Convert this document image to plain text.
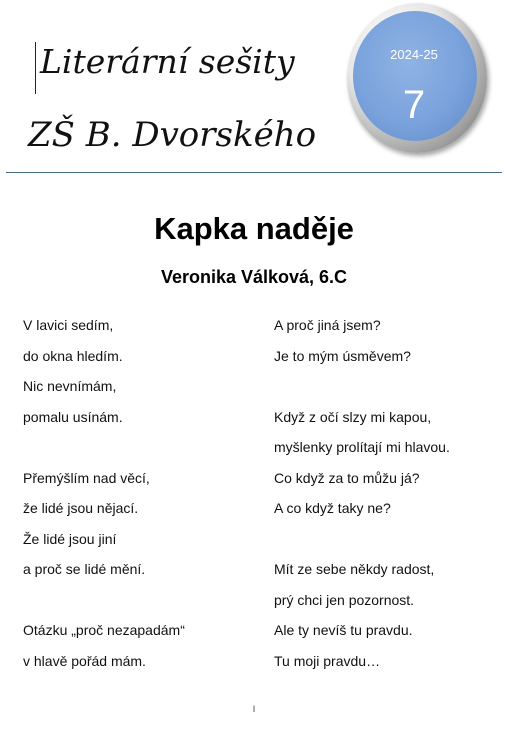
Literární sešity
ZŠ B. Dvorského
2024-25
7
Kapka naděje
Veronika Válková, 6.C
V lavici sedím,
do okna hledím.
Nic nevnímám,
pomalu usínám.
Přemýšlím nad věcí,
že lidé jsou nějací.
Že lidé jsou jiní
a proč se lidé mění.
Otázku „proč nezapadám“
v hlavě pořád mám.
A proč jiná jsem?
Je to mým úsměvem?
Když z očí slzy mi kapou,
myšlenky prolítají mi hlavou.
Co když za to můžu já?
A co když taky ne?
Mít ze sebe někdy radost,
prý chci jen pozornost.
Ale ty nevíš tu pravdu.
Tu moji pravdu…
I
